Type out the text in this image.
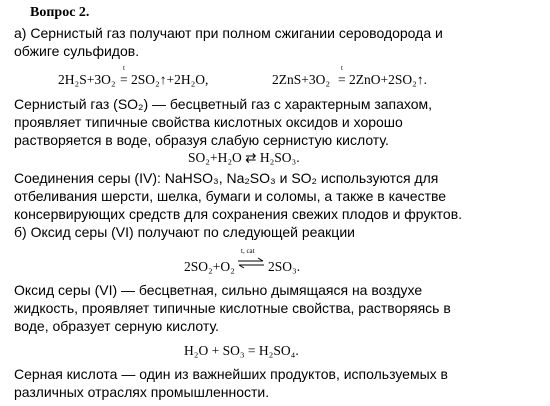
Вопрос 2.
а) Сернистый газ получают при полном сжигании сероводорода и
обжиге сульфидов.
2H₂S+3O₂
t
= 2SO₂↑+2H₂O,	2ZnS+3O₂
t
= 2ZnO+2SO₂↑.
Сернистый газ (SO₂) — бесцветный газ с характерным запахом,
проявляет типичные свойства кислотных оксидов и хорошо
растворяется в воде, образуя слабую сернистую кислоту.
SO₂+H₂O ⇄ H₂SO₃.
Соединения серы (IV): NaHSO₃, Na₂SO₃ и SO₂ используются для
отбеливания шерсти, шелка, бумаги и соломы, а также в качестве
консервирующих средств для сохранения свежих плодов и фруктов.
б) Оксид серы (VI) получают по следующей реакции
2SO₂+O₂
t, cat
⇌ 2SO₃.
Оксид серы (VI) — бесцветная, сильно дымящаяся на воздухе
жидкость, проявляет типичные кислотные свойства, растворяясь в
воде, образует серную кислоту.
H₂O + SO₃ = H₂SO₄.
Серная кислота — один из важнейших продуктов, используемых в
различных отраслях промышленности.
